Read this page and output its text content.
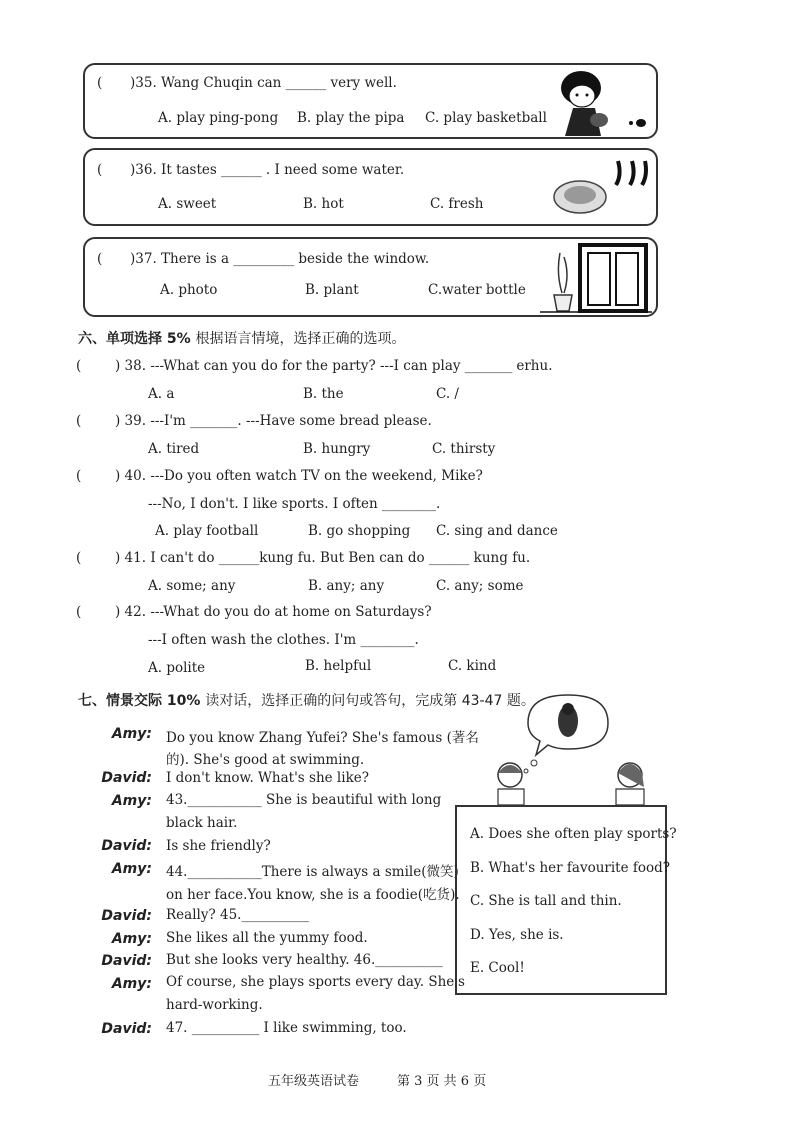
( )35. Wang Chuqin can ______ very well.
A. play ping-pong B. play the pipa C. play basketball
( )36. It tastes ______ . I need some water.
A. sweet	B. hot	C. fresh
( )37. There is a _________ beside the window.
A. photo	B. plant	C.water bottle
六、单项选择 5% 根据语言情境，选择正确的选项。
( ) 38. ---What can you do for the party? ---I can play _______ erhu.
A. a	B. the	C. /
( ) 39. ---I'm _______. ---Have some bread please.
A. tired	B. hungry	C. thirsty
( ) 40. ---Do you often watch TV on the weekend, Mike?
---No, I don't. I like sports. I often ________.
A. play football	B. go shopping C. sing and dance
( ) 41. I can't do ______kung fu. But Ben can do ______ kung fu.
A. some; any	B. any; any	C. any; some
( ) 42. ---What do you do at home on Saturdays?
---I often wash the clothes. I'm ________.
A. polite	B. helpful	C. kind
七、情景交际 10% 读对话，选择正确的问句或答句，完成第 43-47 题。
Amy: Do you know Zhang Yufei? She's famous (著名
的). She's good at swimming.
David: I don't know. What's she like?
Amy: 43.___________ She is beautiful with long
black hair.
David: Is she friendly?
Amy: 44.___________There is always a smile(微笑)
on her face.You know, she is a foodie(吃货).
David: Really? 45.__________
Amy: She likes all the yummy food.
David: But she looks very healthy. 46.__________
Amy: Of course, she plays sports every day. She's
hard-working.
David: 47. __________ I like swimming, too.
A. Does she often play sports?
B. What's her favourite food?
C. She is tall and thin.
D. Yes, she is.
E. Cool!
五年级英语试卷	第 3 页 共 6 页
